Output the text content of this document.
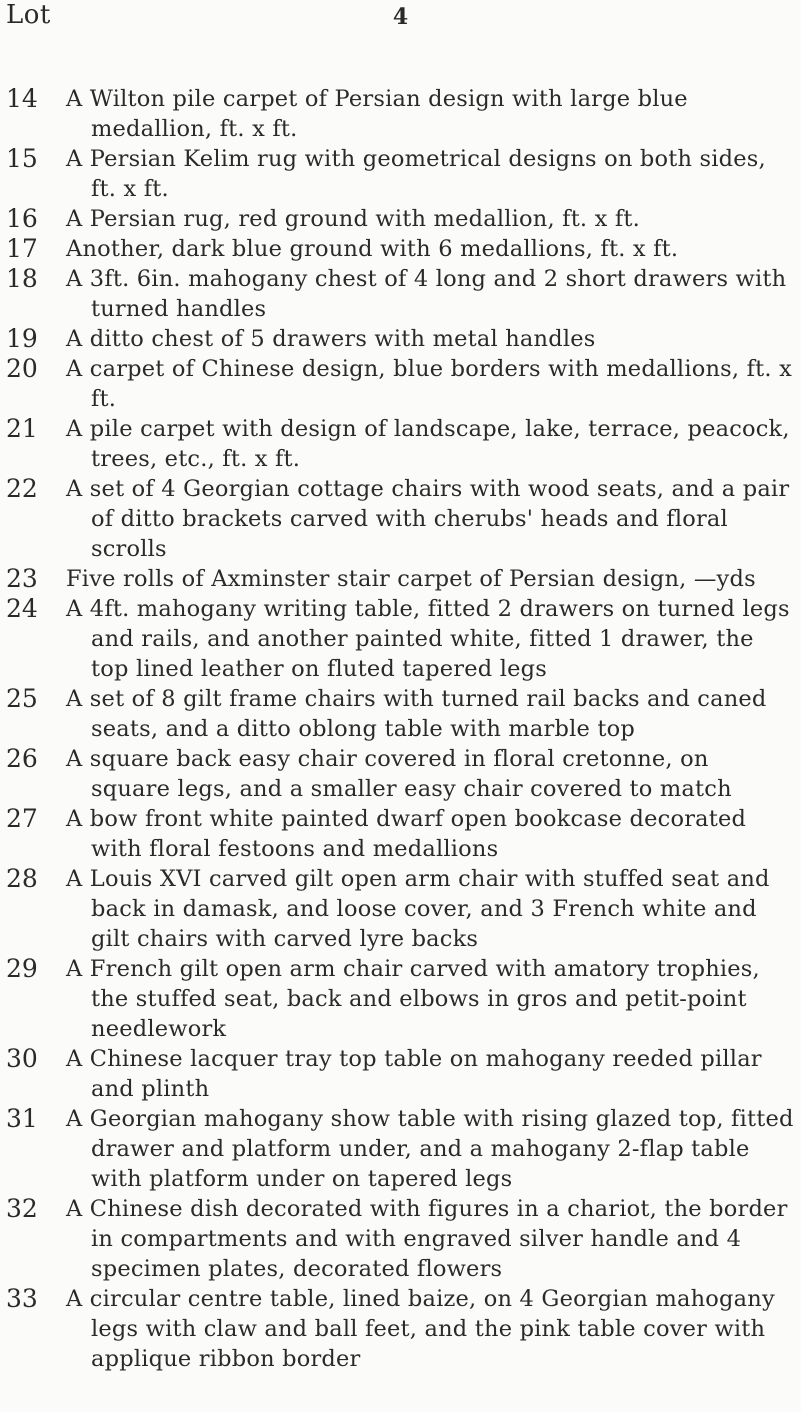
4
Lot
14	A Wilton pile carpet of Persian design with large blue medallion, ft. x ft.
15	A Persian Kelim rug with geometrical designs on both sides, ft. x ft.
16	A Persian rug, red ground with medallion, ft. x ft.
17	Another, dark blue ground with 6 medallions, ft. x ft.
18	A 3ft. 6in. mahogany chest of 4 long and 2 short drawers with turned handles
19	A ditto chest of 5 drawers with metal handles
20	A carpet of Chinese design, blue borders with medallions, ft. x ft.
21	A pile carpet with design of landscape, lake, terrace, peacock, trees, etc., ft. x ft.
22	A set of 4 Georgian cottage chairs with wood seats, and a pair of ditto brackets carved with cherubs' heads and floral scrolls
23	Five rolls of Axminster stair carpet of Persian design, —yds
24	A 4ft. mahogany writing table, fitted 2 drawers on turned legs and rails, and another painted white, fitted 1 drawer, the top lined leather on fluted tapered legs
25	A set of 8 gilt frame chairs with turned rail backs and caned seats, and a ditto oblong table with marble top
26	A square back easy chair covered in floral cretonne, on square legs, and a smaller easy chair covered to match
27	A bow front white painted dwarf open bookcase decorated with floral festoons and medallions
28	A Louis XVI carved gilt open arm chair with stuffed seat and back in damask, and loose cover, and 3 French white and gilt chairs with carved lyre backs
29	A French gilt open arm chair carved with amatory trophies, the stuffed seat, back and elbows in gros and petit-point needlework
30	A Chinese lacquer tray top table on mahogany reeded pillar and plinth
31	A Georgian mahogany show table with rising glazed top, fitted drawer and platform under, and a mahogany 2-flap table with platform under on tapered legs
32	A Chinese dish decorated with figures in a chariot, the border in compartments and with engraved silver handle and 4 specimen plates, decorated flowers
33	A circular centre table, lined baize, on 4 Georgian mahogany legs with claw and ball feet, and the pink table cover with applique ribbon border
